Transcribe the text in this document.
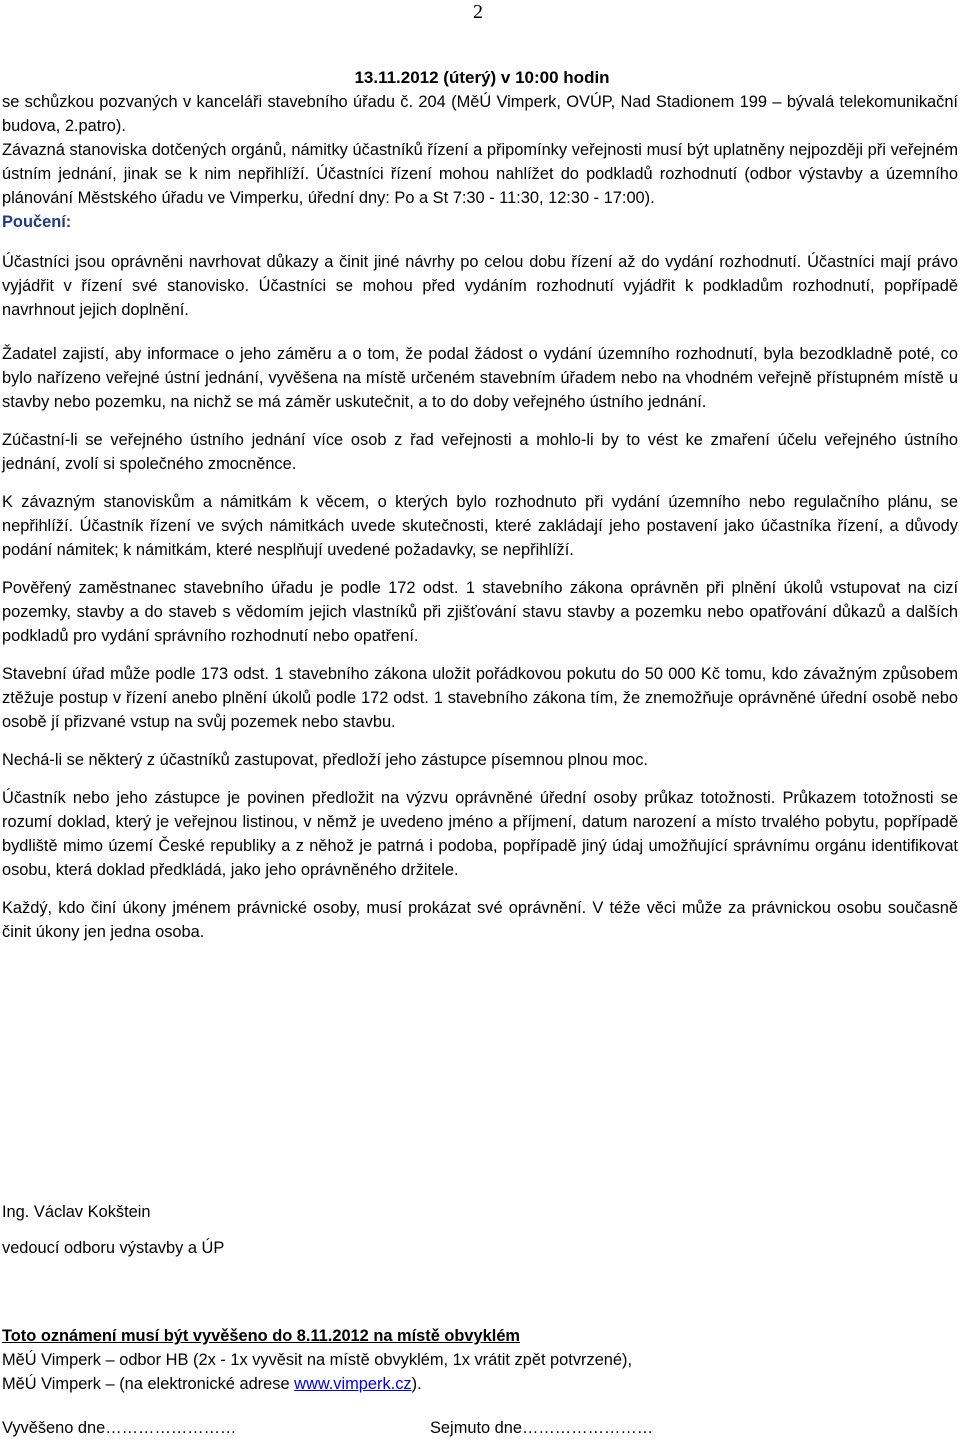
2

13.11.2012 (úterý) v 10:00 hodin

se schůzkou pozvaných v kanceláři stavebního úřadu č. 204 (MěÚ Vimperk, OVÚP, Nad Stadionem 199 – bývalá telekomunikační budova, 2.patro).

Závazná stanoviska dotčených orgánů, námitky účastníků řízení a připomínky veřejnosti musí být uplatněny nejpozději při veřejném ústním jednání, jinak se k nim nepřihlíží. Účastníci řízení mohou nahlížet do podkladů rozhodnutí (odbor výstavby a územního plánování Městského úřadu ve Vimperku, úřední dny: Po a St 7:30 - 11:30, 12:30 - 17:00).

Poučení:

Účastníci jsou oprávněni navrhovat důkazy a činit jiné návrhy po celou dobu řízení až do vydání rozhodnutí. Účastníci mají právo vyjádřit v řízení své stanovisko. Účastníci se mohou před vydáním rozhodnutí vyjádřit k podkladům rozhodnutí, popřípadě navrhnout jejich doplnění.

Žadatel zajistí, aby informace o jeho záměru a o tom, že podal žádost o vydání územního rozhodnutí, byla bezodkladně poté, co bylo nařízeno veřejné ústní jednání, vyvěšena na místě určeném stavebním úřadem nebo na vhodném veřejně přístupném místě u stavby nebo pozemku, na nichž se má záměr uskutečnit, a to do doby veřejného ústního jednání.

Zúčastní-li se veřejného ústního jednání více osob z řad veřejnosti a mohlo-li by to vést ke zmaření účelu veřejného ústního jednání, zvolí si společného zmocněnce.

K závazným stanoviskům a námitkám k věcem, o kterých bylo rozhodnuto při vydání územního nebo regulačního plánu, se nepřihlíží. Účastník řízení ve svých námitkách uvede skutečnosti, které zakládají jeho postavení jako účastníka řízení, a důvody podání námitek; k námitkám, které nesplňují uvedené požadavky, se nepřihlíží.

Pověřený zaměstnanec stavebního úřadu je podle 172 odst. 1 stavebního zákona oprávněn při plnění úkolů vstupovat na cizí pozemky, stavby a do staveb s vědomím jejich vlastníků při zjišťování stavu stavby a pozemku nebo opatřování důkazů a dalších podkladů pro vydání správního rozhodnutí nebo opatření.

Stavební úřad může podle 173 odst. 1 stavebního zákona uložit pořádkovou pokutu do 50 000 Kč tomu, kdo závažným způsobem ztěžuje postup v řízení anebo plnění úkolů podle 172 odst. 1 stavebního zákona tím, že znemožňuje oprávněné úřední osobě nebo osobě jí přizvané vstup na svůj pozemek nebo stavbu.

Nechá-li se některý z účastníků zastupovat, předloží jeho zástupce písemnou plnou moc.

Účastník nebo jeho zástupce je povinen předložit na výzvu oprávněné úřední osoby průkaz totožnosti. Průkazem totožnosti se rozumí doklad, který je veřejnou listinou, v němž je uvedeno jméno a příjmení, datum narození a místo trvalého pobytu, popřípadě bydliště mimo území České republiky a z něhož je patrná i podoba, popřípadě jiný údaj umožňující správnímu orgánu identifikovat osobu, která doklad předkládá, jako jeho oprávněného držitele.

Každý, kdo činí úkony jménem právnické osoby, musí prokázat své oprávnění. V téže věci může za právnickou osobu současně činit úkony jen jedna osoba.

Ing. Václav Kokštein
vedoucí odboru výstavby a ÚP

Toto oznámení musí být vyvěšeno do 8.11.2012 na místě obvyklém

MěÚ Vimperk – odbor HB (2x - 1x vyvěsit na místě obvyklém, 1x vrátit zpět potvrzené),

MěÚ Vimperk – (na elektronické adrese www.vimperk.cz).

Vyvěšeno dne……………………	Sejmuto dne……………………
